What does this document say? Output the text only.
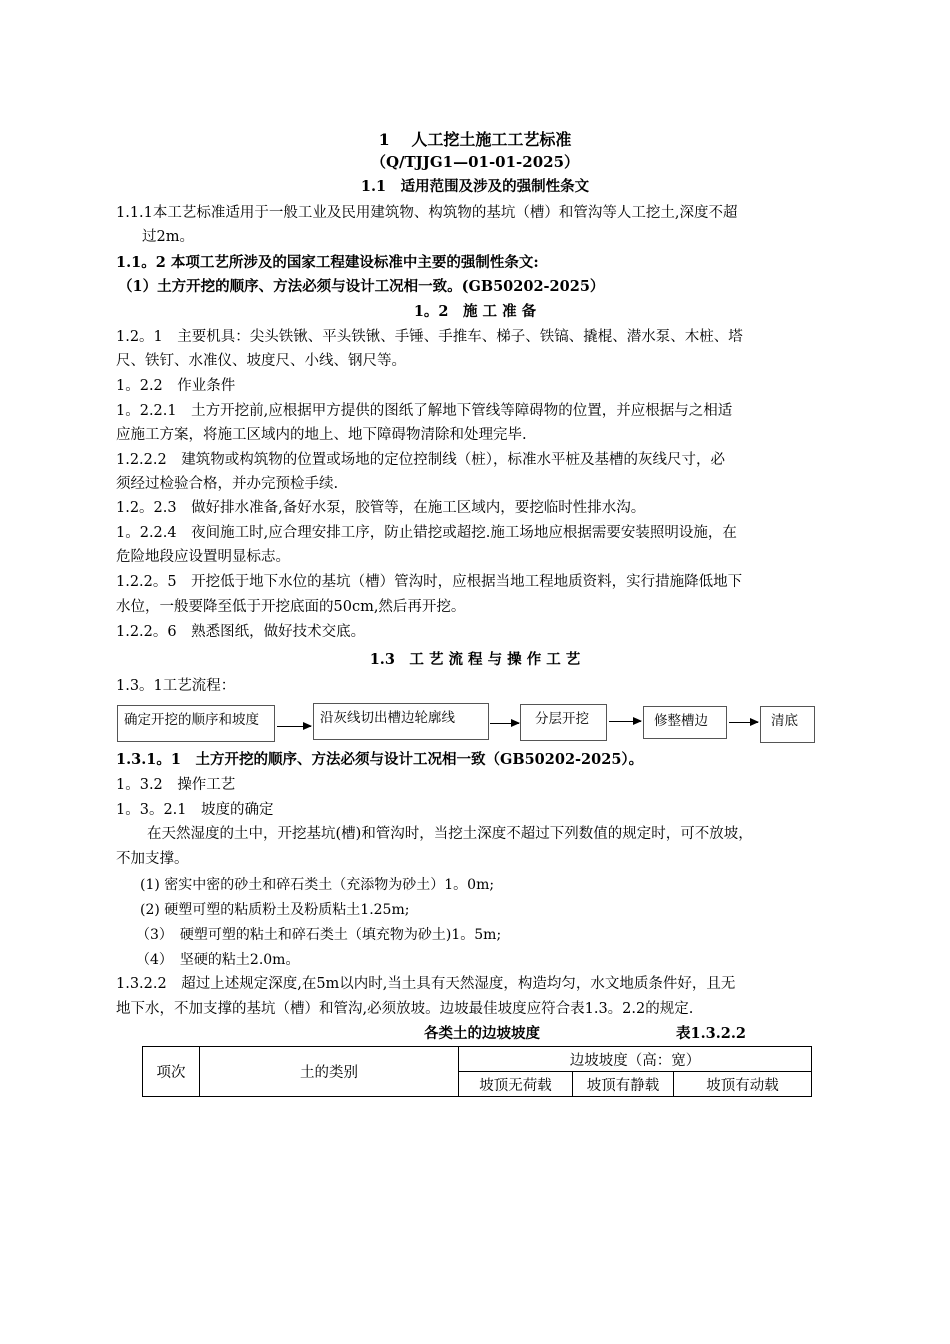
1　 人工挖土施工工艺标准
（Q/TJJG1—01-01-2025）
1.1　适用范围及涉及的强制性条文
1.1.1本工艺标准适用于一般工业及民用建筑物、构筑物的基坑（槽）和管沟等人工挖土,深度不超
过2m。
1.1。2 本项工艺所涉及的国家工程建设标准中主要的强制性条文:
（1）土方开挖的顺序、方法必须与设计工况相一致。(GB50202-2025）
1。2　施 工 准 备
1.2。1　主要机具：尖头铁锹、平头铁锹、手锤、手推车、梯子、铁镐、撬棍、潜水泵、木桩、塔
尺、铁钉、水准仪、坡度尺、小线、钢尺等。
1。2.2　作业条件
1。2.2.1　土方开挖前,应根据甲方提供的图纸了解地下管线等障碍物的位置，并应根据与之相适
应施工方案，将施工区域内的地上、地下障碍物清除和处理完毕.
1.2.2.2　建筑物或构筑物的位置或场地的定位控制线（桩），标准水平桩及基槽的灰线尺寸，必
须经过检验合格，并办完预检手续.
1.2。2.3　做好排水准备,备好水泵，胶管等，在施工区域内，要挖临时性排水沟。
1。2.2.4　夜间施工时,应合理安排工序，防止错挖或超挖.施工场地应根据需要安装照明设施，在
危险地段应设置明显标志。
1.2.2。5　开挖低于地下水位的基坑（槽）管沟时，应根据当地工程地质资料，实行措施降低地下
水位，一般要降至低于开挖底面的50cm,然后再开挖。
1.2.2。6　熟悉图纸，做好技术交底。
1.3　工 艺 流 程 与 操 作 工 艺
1.3。1工艺流程：
确定开挖的顺序和坡度	沿灰线切出槽边轮廓线	分层开挖	修整槽边	清底
1.3.1。1　土方开挖的顺序、方法必须与设计工况相一致（GB50202-2025）。
1。3.2　操作工艺
1。3。2.1　坡度的确定
　　在天然湿度的土中，开挖基坑(槽)和管沟时，当挖土深度不超过下列数值的规定时，可不放坡，
不加支撑。
(1) 密实中密的砂土和碎石类土（充添物为砂土）1。0m;
(2) 硬塑可塑的粘质粉土及粉质粘土1.25m;
（3）　硬塑可塑的粘土和碎石类土（填充物为砂土)1。5m;
（4）　坚硬的粘土2.0m。
1.3.2.2　超过上述规定深度,在5m以内时,当土具有天然湿度，构造均匀，水文地质条件好，且无
地下水，不加支撑的基坑（槽）和管沟,必须放坡。边坡最佳坡度应符合表1.3。2.2的规定.
各类土的边坡坡度	表1.3.2.2
项次	土的类别	边坡坡度（高：宽）		
		坡顶无荷载	坡顶有静载	坡顶有动载
